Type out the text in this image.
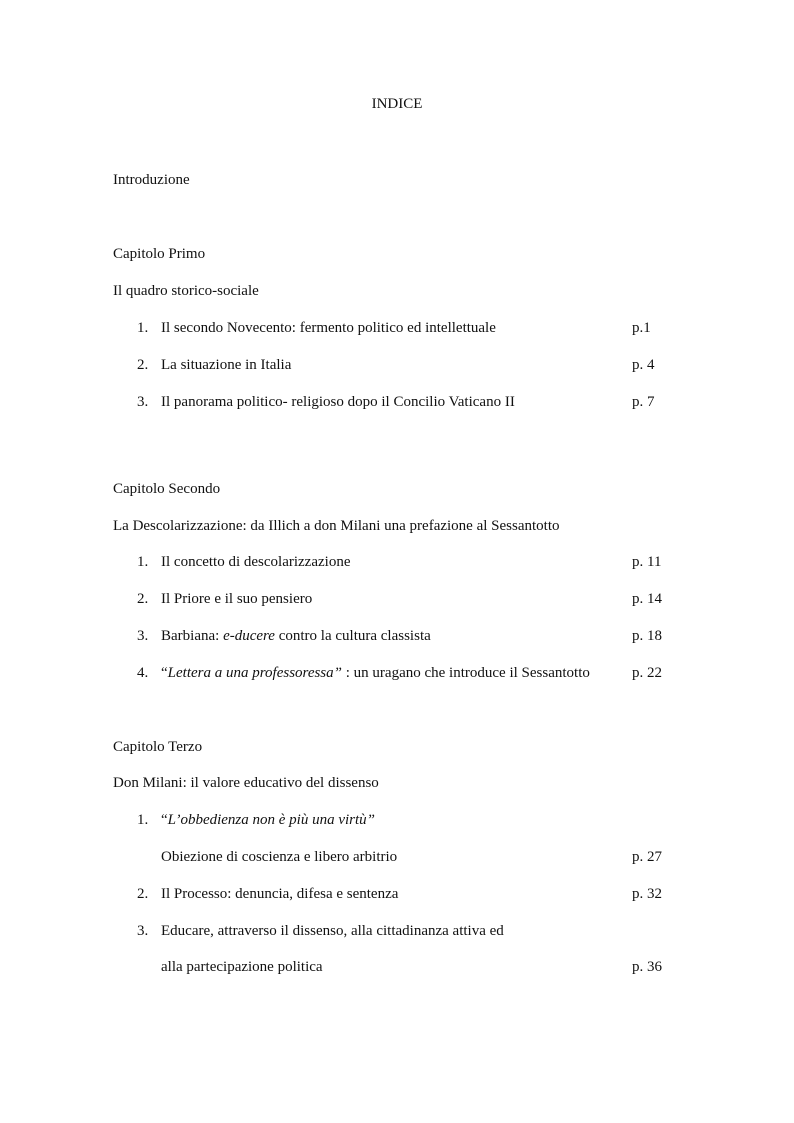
INDICE
Introduzione
Capitolo Primo
Il quadro storico-sociale
1. Il secondo Novecento: fermento politico ed intellettuale	p.1
2. La situazione in Italia	p. 4
3. Il panorama politico- religioso dopo il Concilio Vaticano II	p. 7
Capitolo Secondo
La Descolarizzazione: da Illich a don Milani una prefazione al Sessantotto
1. Il concetto di descolarizzazione	p. 11
2. Il Priore e il suo pensiero	p. 14
3. Barbiana: e-ducere contro la cultura classista	p. 18
4. “Lettera a una professoressa” : un uragano che introduce il Sessantotto	p. 22
Capitolo Terzo
Don Milani: il valore educativo del dissenso
1. “L’obbedienza non è più una virtù”
Obiezione di coscienza e libero arbitrio	p. 27
2. Il Processo: denuncia, difesa e sentenza	p. 32
3. Educare, attraverso il dissenso, alla cittadinanza attiva ed
alla partecipazione politica	p. 36
